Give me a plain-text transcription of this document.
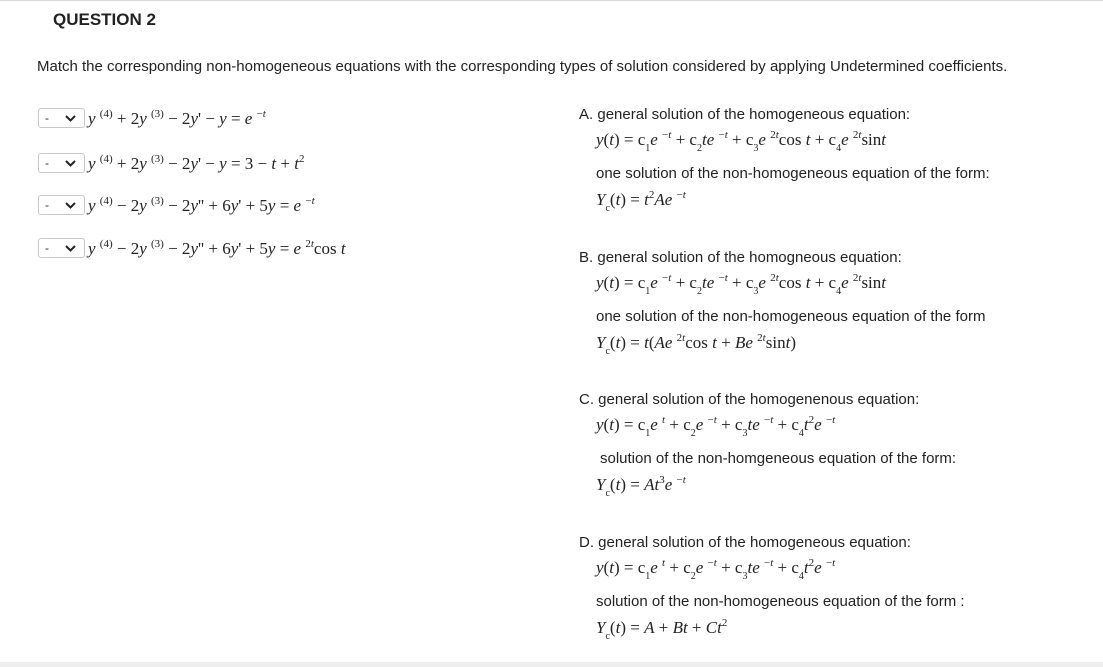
QUESTION 2
Match the corresponding non-homogeneous equations with the corresponding types of solution considered by applying Undetermined coefficients.
- y $^{(4)}$ + 2y $^{(3)}$ − 2y' − y = e $^{-t}$
- y $^{(4)}$ + 2y $^{(3)} - 2y' - y = 3 - t + t^2$
- y $^{(4)}$ − 2y $^{(3)}$ − 2y'' + 6y' + 5y = e $^{-t}$
- y $^{(4)}$ − 2y $^{(3)}$ − 2y'' + 6y' + 5y = e $^{2t}$cos t
A. general solution of the homogeneous equation:
$y(t) = c_1e$ $^{-t} + c_2te$ $^{-t} + c_3e$ $^{2t}$cos $t + c_4e$ $^{2t}$sint
one solution of the non-homogeneous equation of the form:
$Y_c(t) = t^2Ae$ $^{-t}$
B. general solution of the homogneous equation:
$y(t) = c_1e$ $^{-t} + c_2te$ $^{-t} + c_3e$ $^{2t}$cos $t + c_4e$ $^{2t}$sint
one solution of the non-homogeneous equation of the form
$Y_c(t) = t(Ae$ $^{2t}$cos t + Be $^{2t}$sint)
C. general solution of the homogenenous equation:
$y(t) = c_1e$ $^t + c_2e$ $^{-t} + c_3te$ $^{-t} + c_4t^2e$ $^{-t}$
solution of the non-homgeneous equation of the form:
$Y_c(t) = At^3e$ $^{-t}$
D. general solution of the homogeneous equation:
$y(t) = c_1e$ $^t + c_2e$ $^{-t} + c_3te$ $^{-t} + c_4t^2e$ $^{-t}$
solution of the non-homogeneous equation of the form :
$Y_c(t) = A + Bt + Ct^2$
